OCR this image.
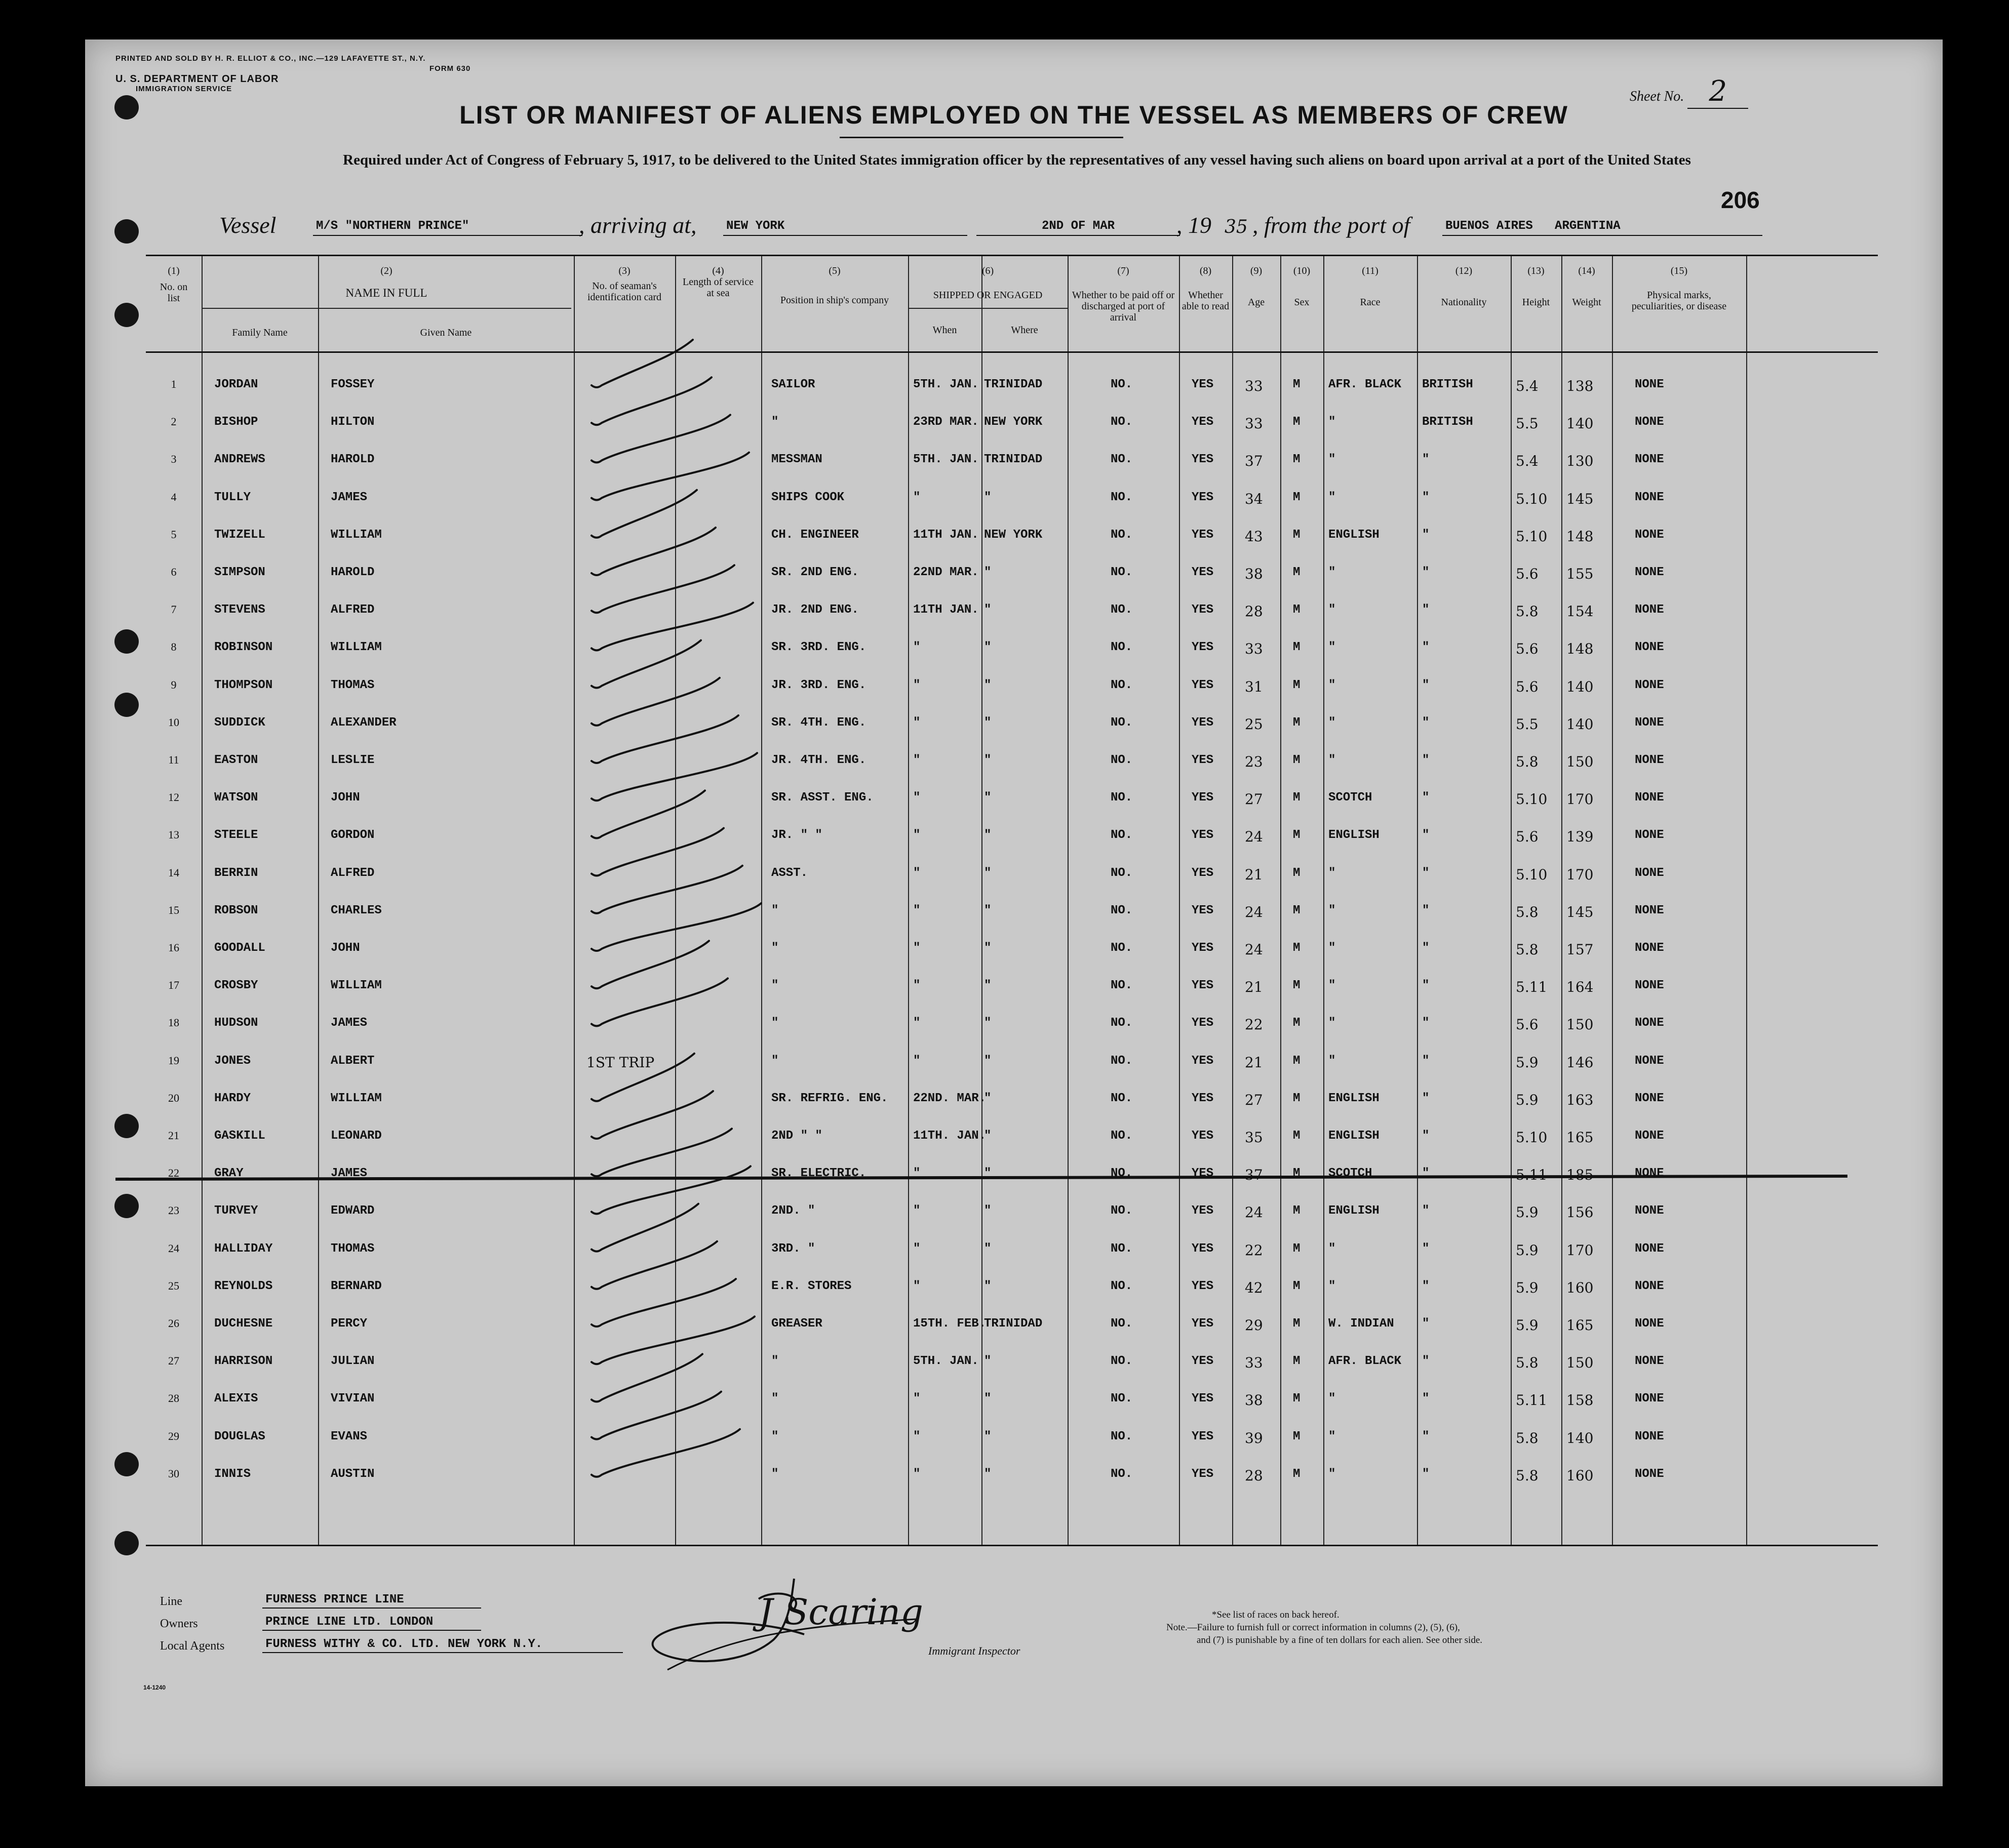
PRINTED AND SOLD BY H. R. ELLIOT & CO., INC.—129 LAFAYETTE ST., N.Y.
FORM 630
U. S. DEPARTMENT OF LABOR
IMMIGRATION SERVICE	Sheet No. 2
LIST OR MANIFEST OF ALIENS EMPLOYED ON THE VESSEL AS MEMBERS OF CREW
Required under Act of Congress of February 5, 1917, to be delivered to the United States immigration officer by the representatives of any vessel having such aliens on board upon arrival at a port of the United States
206
Vessel	M/S "NORTHERN PRINCE"	, arriving at, NEW YORK	2ND OF MAR	, 19 35 , from the port of	BUENOS AIRES   ARGENTINA
(1)
No. on list
(2)
NAME IN FULL
Family Name	Given Name
(3)
No. of seaman's identification card
(4)
Length of service at sea
(5)
Position in ship's company
(6)
SHIPPED OR ENGAGED
When	Where
(7)
Whether to be paid off or discharged at port of arrival
(8)
Whether able to read
(9)
Age
(10)
Sex
(11)
Race
(12)
Nationality
(13)
Height
(14)
Weight
(15)
Physical marks, peculiarities, or disease
1	JORDAN	FOSSEY	SAILOR	5TH. JAN. TRINIDAD	NO.	YES 33 M AFR. BLACK BRITISH	5.4 138	NONE
2	BISHOP	HILTON	"	23RD MAR. NEW YORK	NO.	YES 33 M "	BRITISH	5.5 140	NONE
3	ANDREWS	HAROLD	MESSMAN	5TH. JAN. TRINIDAD	NO.	YES 37 M "	"	5.4 130	NONE
4	TULLY	JAMES	SHIPS COOK	"	"	NO.	YES 34 M "	"	5.10 145	NONE
5	TWIZELL	WILLIAM	CH. ENGINEER	11TH JAN. NEW YORK	NO.	YES 43 M ENGLISH	"	5.10 148	NONE
6	SIMPSON	HAROLD	SR. 2ND ENG.	22ND MAR. "	NO.	YES 38 M "	"	5.6 155	NONE
7	STEVENS	ALFRED	JR. 2ND ENG.	11TH JAN. "	NO.	YES 28 M "	"	5.8 154	NONE
8	ROBINSON	WILLIAM	SR. 3RD. ENG.	"	"	NO.	YES 33 M "	"	5.6 148	NONE
9	THOMPSON	THOMAS	JR. 3RD. ENG.	"	"	NO.	YES 31 M "	"	5.6 140	NONE
10	SUDDICK	ALEXANDER	SR. 4TH. ENG.	"	"	NO.	YES 25 M "	"	5.5 140	NONE
11	EASTON	LESLIE	JR. 4TH. ENG.	"	"	NO.	YES 23 M "	"	5.8 150	NONE
12	WATSON	JOHN	SR. ASST. ENG.	"	"	NO.	YES 27 M SCOTCH	"	5.10 170	NONE
13	STEELE	GORDON	JR. " "	"	"	NO.	YES 24 M ENGLISH	"	5.6 139	NONE
14	BERRIN	ALFRED	ASST.	"	"	NO.	YES 21 M "	"	5.10 170	NONE
15	ROBSON	CHARLES	"	"	"	NO.	YES 24 M "	"	5.8 145	NONE
16	GOODALL	JOHN	"	"	"	NO.	YES 24 M "	"	5.8 157	NONE
17	CROSBY	WILLIAM	"	"	"	NO.	YES 21 M "	"	5.11 164	NONE
18	HUDSON	JAMES	"	"	"	NO.	YES 22 M "	"	5.6 150	NONE
19	JONES	ALBERT	1ST TRIP	"	"	"	NO.	YES 21 M "	"	5.9 146	NONE
20	HARDY	WILLIAM	SR. REFRIG. ENG. 22ND. MAR.
"	NO.	YES 27 M ENGLISH	"	5.9 163	NONE
21	GASKILL	LEONARD	2ND " "	11TH. JAN.
"	NO.	YES 35 M ENGLISH	"	5.10 165	NONE
22	GRAY	JAMES	SR. ELECTRIC.	"	"	NO.	YES 37 M SCOTCH	"	5.11 185	NONE
23	TURVEY	EDWARD	2ND. "	"	"	NO.	YES 24 M ENGLISH	"	5.9 156	NONE
24	HALLIDAY	THOMAS	3RD. "	"	"	NO.	YES 22 M "	"	5.9 170	NONE
25	REYNOLDS	BERNARD	E.R. STORES	"	"	NO.	YES 42 M "	"	5.9 160	NONE
26	DUCHESNE	PERCY	GREASER	15TH. FEB.
TRINIDAD	NO.	YES 29 M W. INDIAN "	5.9 165	NONE
27	HARRISON	JULIAN	"	5TH. JAN. "	NO.	YES 33 M AFR. BLACK "	5.8 150	NONE
28	ALEXIS	VIVIAN	"	"	"	NO.	YES 38 M "	"	5.11 158	NONE
29	DOUGLAS	EVANS	"	"	"	NO.	YES 39 M "	"	5.8 140	NONE
30	INNIS	AUSTIN	"	"	"	NO.	YES 28 M "	"	5.8 160	NONE
Line	FURNESS PRINCE LINE
Owners	PRINCE LINE LTD. LONDON
Local Agents	FURNESS WITHY & CO. LTD. NEW YORK N.Y.
J Scaring
Immigrant Inspector
*See list of races on back hereof.
Note.—Failure to furnish full or correct information in columns (2), (5), (6),
and (7) is punishable by a fine of ten dollars for each alien. See other side.
14-1240
